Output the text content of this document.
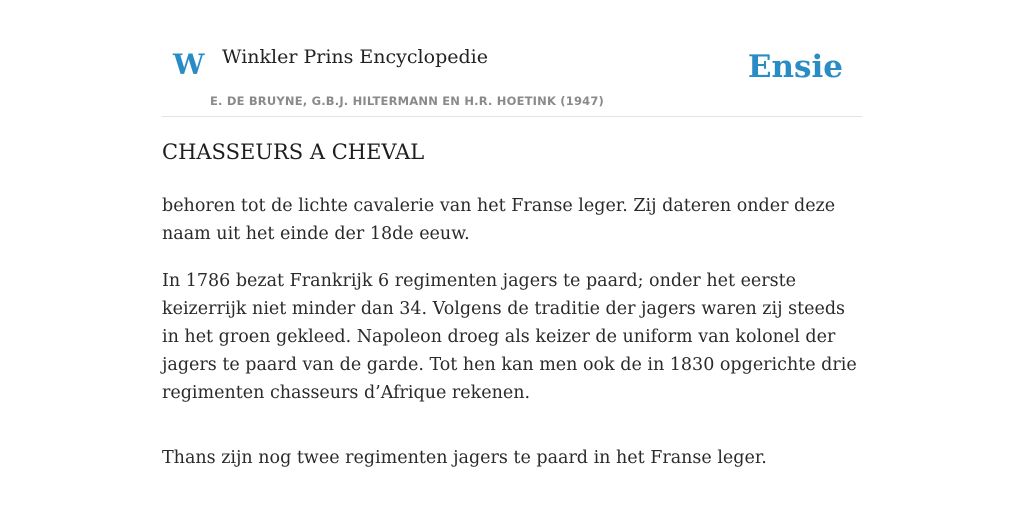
W Winkler Prins Encyclopedie
E. DE BRUYNE, G.B.J. HILTERMANN EN H.R. HOETINK (1947)
Ensie
CHASSEURS A CHEVAL

behoren tot de lichte cavalerie van het Franse leger. Zij dateren onder deze naam uit het einde der 18de eeuw.

In 1786 bezat Frankrijk 6 regimenten jagers te paard; onder het eerste keizerrijk niet minder dan 34. Volgens de traditie der jagers waren zij steeds in het groen gekleed. Napoleon droeg als keizer de uniform van kolonel der jagers te paard van de garde. Tot hen kan men ook de in 1830 opgerichte drie regimenten chasseurs d’Afrique rekenen.

Thans zijn nog twee regimenten jagers te paard in het Franse leger.
